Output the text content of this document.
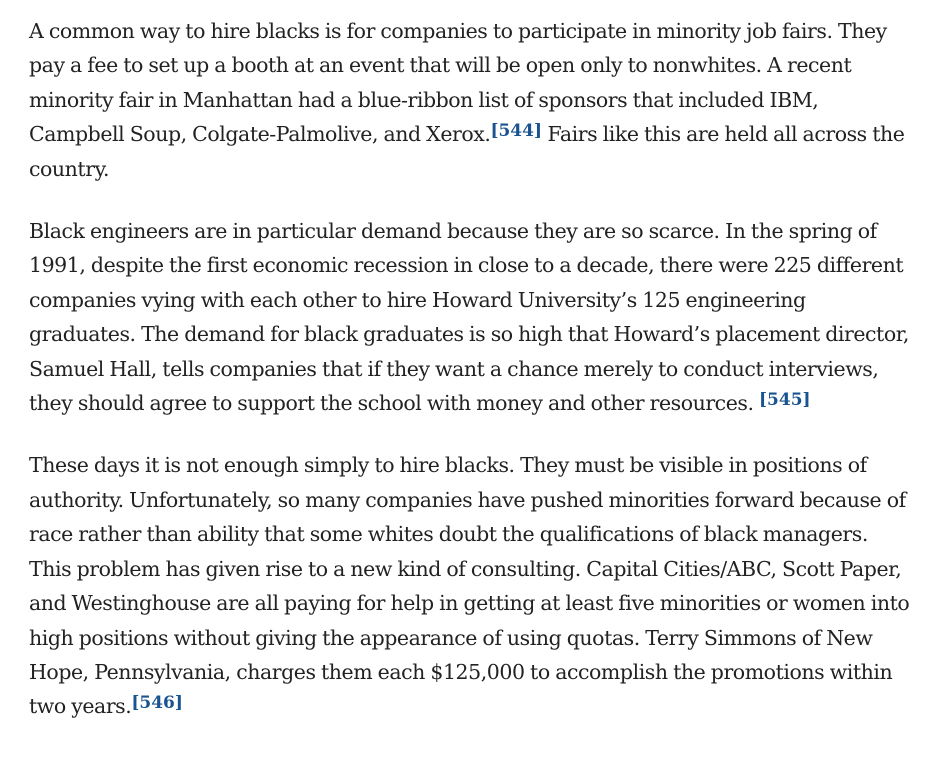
A common way to hire blacks is for companies to participate in minority job fairs. They pay a fee to set up a booth at an event that will be open only to nonwhites. A recent minority fair in Manhattan had a blue-ribbon list of sponsors that included IBM, Campbell Soup, Colgate-Palmolive, and Xerox.[544] Fairs like this are held all across the country.

Black engineers are in particular demand because they are so scarce. In the spring of 1991, despite the first economic recession in close to a decade, there were 225 different companies vying with each other to hire Howard University’s 125 engineering graduates. The demand for black graduates is so high that Howard’s placement director, Samuel Hall, tells companies that if they want a chance merely to conduct interviews, they should agree to support the school with money and other resources. [545]

These days it is not enough simply to hire blacks. They must be visible in positions of authority. Unfortunately, so many companies have pushed minorities forward because of race rather than ability that some whites doubt the qualifications of black managers. This problem has given rise to a new kind of consulting. Capital Cities/ABC, Scott Paper, and Westinghouse are all paying for help in getting at least five minorities or women into high positions without giving the appearance of using quotas. Terry Simmons of New Hope, Pennsylvania, charges them each $125,000 to accomplish the promotions within two years.[546]
